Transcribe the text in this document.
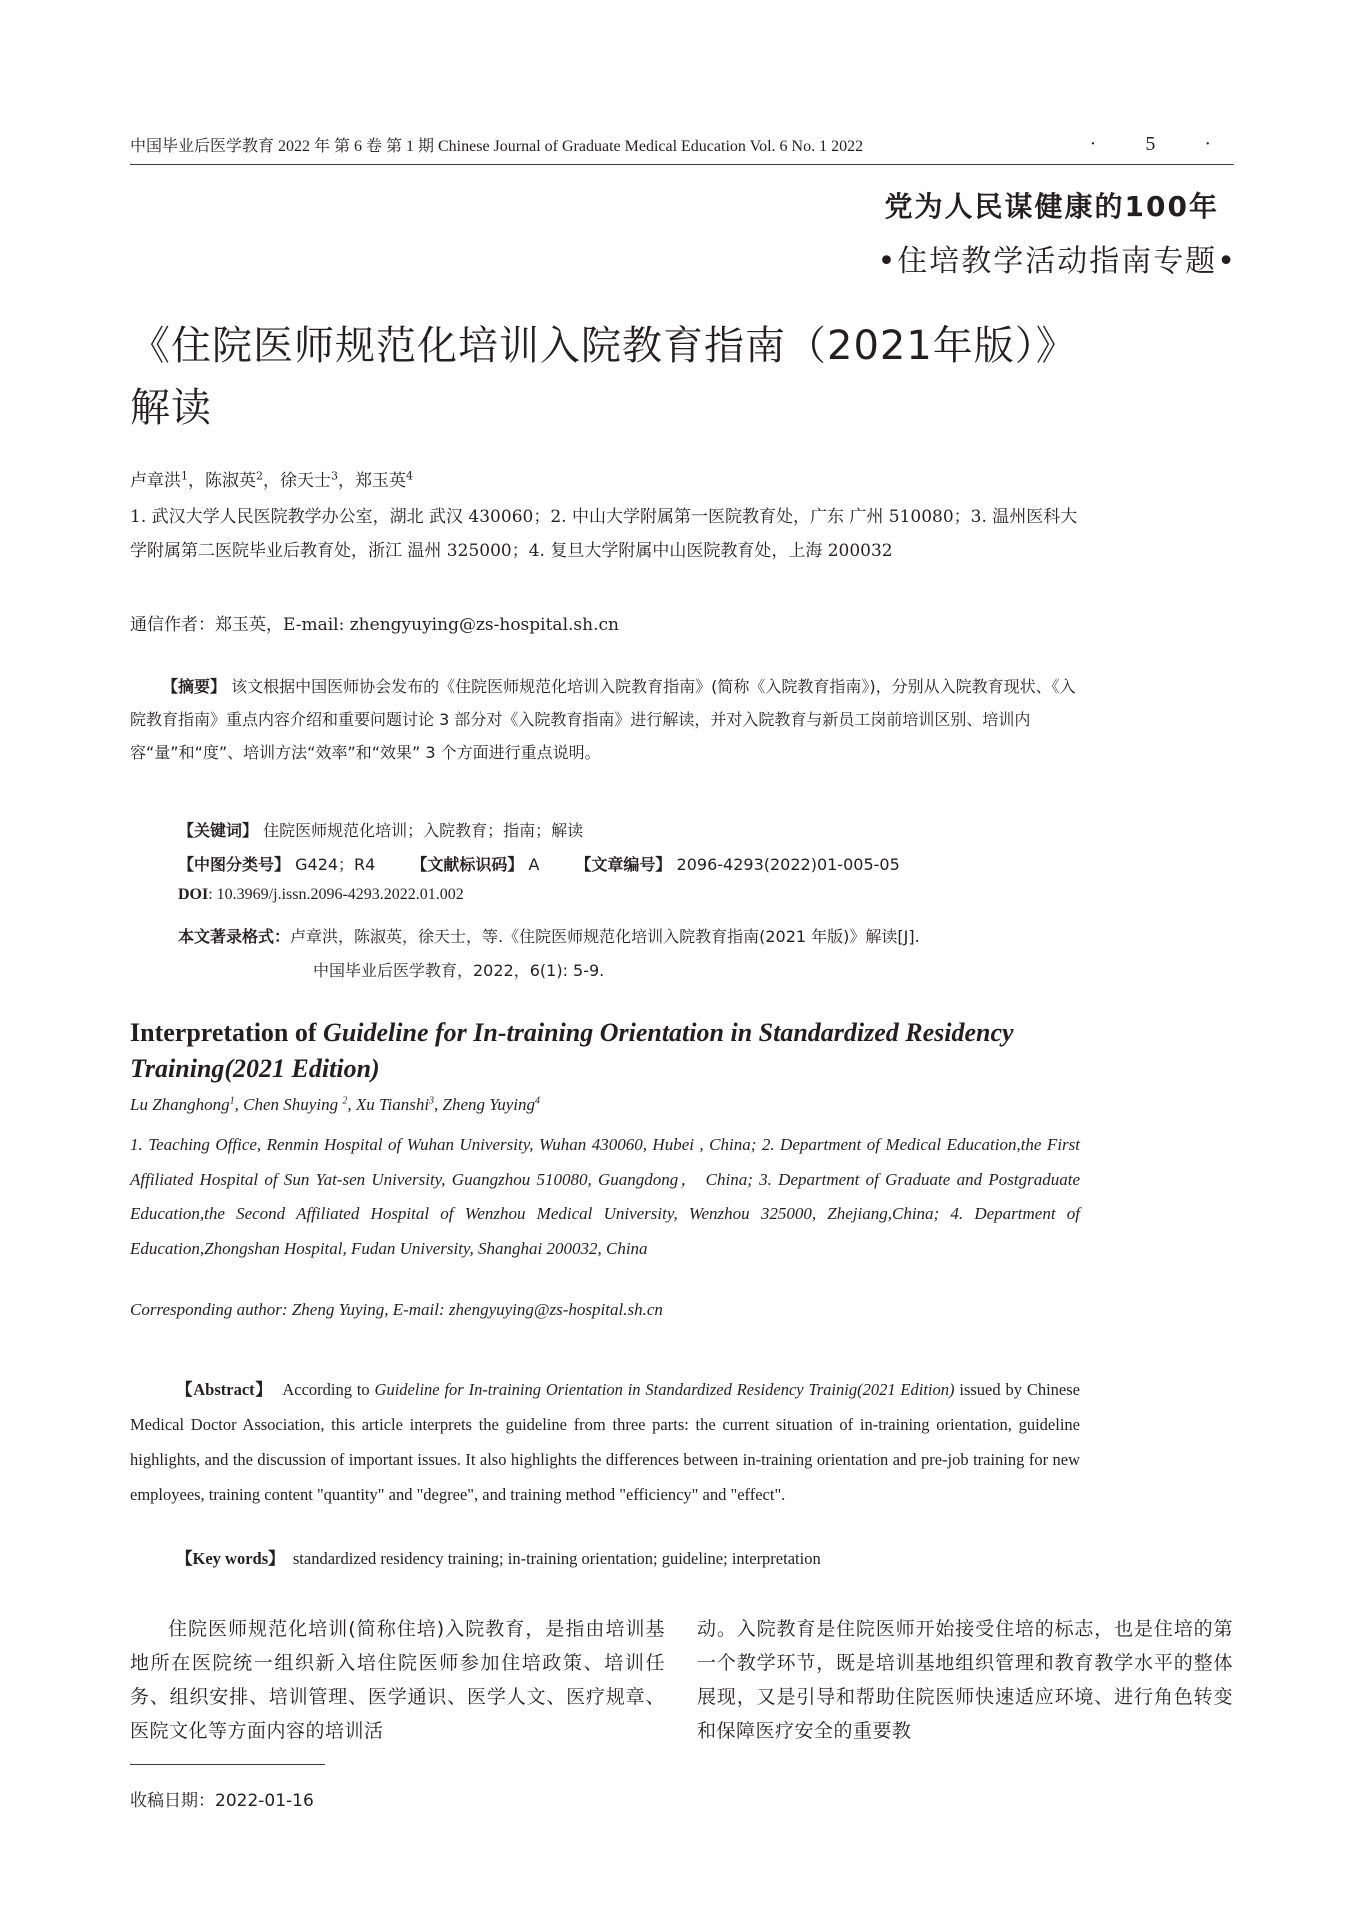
中国毕业后医学教育 2022 年 第 6 卷 第 1 期 Chinese Journal of Graduate Medical Education Vol. 6 No. 1 2022	· 5 ·
党为人民谋健康的100年
•住培教学活动指南专题•
《住院医师规范化培训入院教育指南（2021年版）》解读
卢章洪$^1$，陈淑英$^2$，徐天士$^3$，郑玉英$^4$
1. 武汉大学人民医院教学办公室，湖北 武汉 430060；2. 中山大学附属第一医院教育处，广东 广州 510080；3. 温州医科大学附属第二医院毕业后教育处，浙江 温州 325000；4. 复旦大学附属中山医院教育处，上海 200032
通信作者：郑玉英，E-mail: zhengyuying@zs-hospital.sh.cn
【摘要】 该文根据中国医师协会发布的《住院医师规范化培训入院教育指南》(简称《入院教育指南》)，分别从入院教育现状、《入院教育指南》重点内容介绍和重要问题讨论 3 部分对《入院教育指南》进行解读，并对入院教育与新员工岗前培训区别、培训内容“量”和“度”、培训方法“效率”和“效果” 3 个方面进行重点说明。
【关键词】 住院医师规范化培训；入院教育；指南；解读
【中图分类号】 G424；R4 【文献标识码】 A 【文章编号】 2096-4293(2022)01-005-05
DOI: 10.3969/j.issn.2096-4293.2022.01.002
本文著录格式：卢章洪，陈淑英，徐天士，等.《住院医师规范化培训入院教育指南(2021 年版)》解读[J].
中国毕业后医学教育，2022，6(1): 5-9.
Interpretation of Guideline for In-training Orientation in Standardized Residency Training(2021 Edition)
Lu Zhanghong$^1$, Chen Shuying $^2$, Xu Tianshi$^3$, Zheng Yuying$^4$
1. Teaching Office, Renmin Hospital of Wuhan University, Wuhan 430060, Hubei , China; 2. Department of Medical Education,the First Affiliated Hospital of Sun Yat-sen University, Guangzhou 510080, Guangdong， China; 3. Department of Graduate and Postgraduate Education,the Second Affiliated Hospital of Wenzhou Medical University, Wenzhou 325000, Zhejiang,China; 4. Department of Education,Zhongshan Hospital, Fudan University, Shanghai 200032, China
Corresponding author: Zheng Yuying, E-mail: zhengyuying@zs-hospital.sh.cn
【Abstract】 According to Guideline for In-training Orientation in Standardized Residency Trainig(2021 Edition) issued by Chinese Medical Doctor Association, this article interprets the guideline from three parts: the current situation of in-training orientation, guideline highlights, and the discussion of important issues. It also highlights the differences between in-training orientation and pre-job training for new employees, training content "quantity" and "degree", and training method "efficiency" and "effect".
【Key words】 standardized residency training; in-training orientation; guideline; interpretation
住院医师规范化培训(简称住培)入院教育，是指由培训基地所在医院统一组织新入培住院医师参加住培政策、培训任务、组织安排、培训管理、医学通识、医学人文、医疗规章、医院文化等方面内容的培训活
动。入院教育是住院医师开始接受住培的标志，也是住培的第一个教学环节，既是培训基地组织管理和教育教学水平的整体展现，又是引导和帮助住院医师快速适应环境、进行角色转变和保障医疗安全的重要教
收稿日期：2022-01-16
